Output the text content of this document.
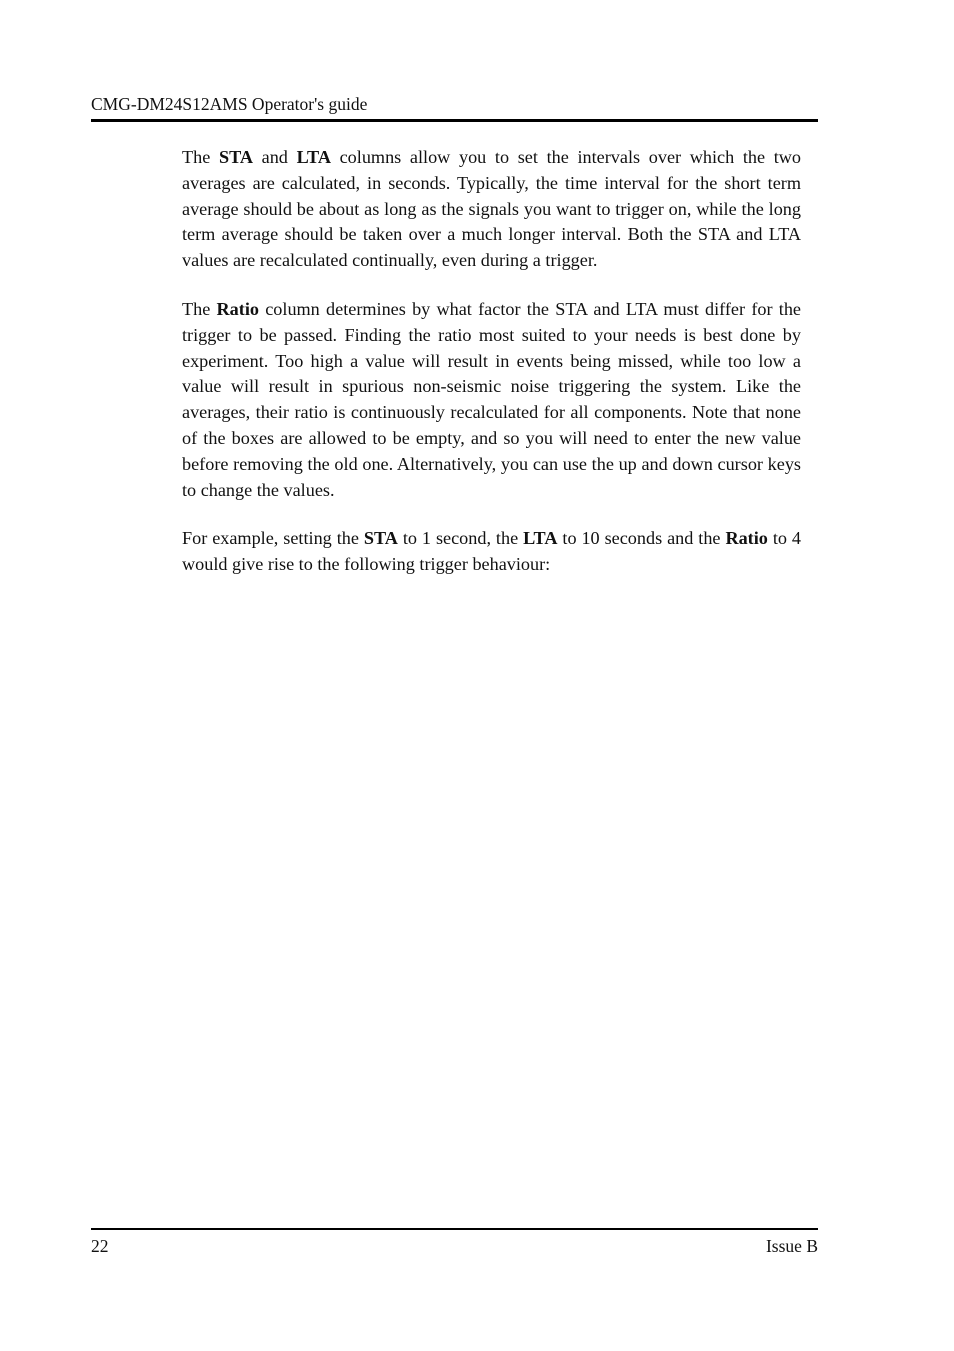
CMG-DM24S12AMS Operator's guide

The STA and LTA columns allow you to set the intervals over which the two averages are calculated, in seconds. Typically, the time interval for the short term average should be about as long as the signals you want to trigger on, while the long term average should be taken over a much longer interval. Both the STA and LTA values are recalculated continually, even during a trigger.

The Ratio column determines by what factor the STA and LTA must differ for the trigger to be passed. Finding the ratio most suited to your needs is best done by experiment. Too high a value will result in events being missed, while too low a value will result in spurious non-seismic noise triggering the system. Like the averages, their ratio is continuously recalculated for all components. Note that none of the boxes are allowed to be empty, and so you will need to enter the new value before removing the old one. Alternatively, you can use the up and down cursor keys to change the values.

For example, setting the STA to 1 second, the LTA to 10 seconds and the Ratio to 4 would give rise to the following trigger behaviour:

22	Issue B
